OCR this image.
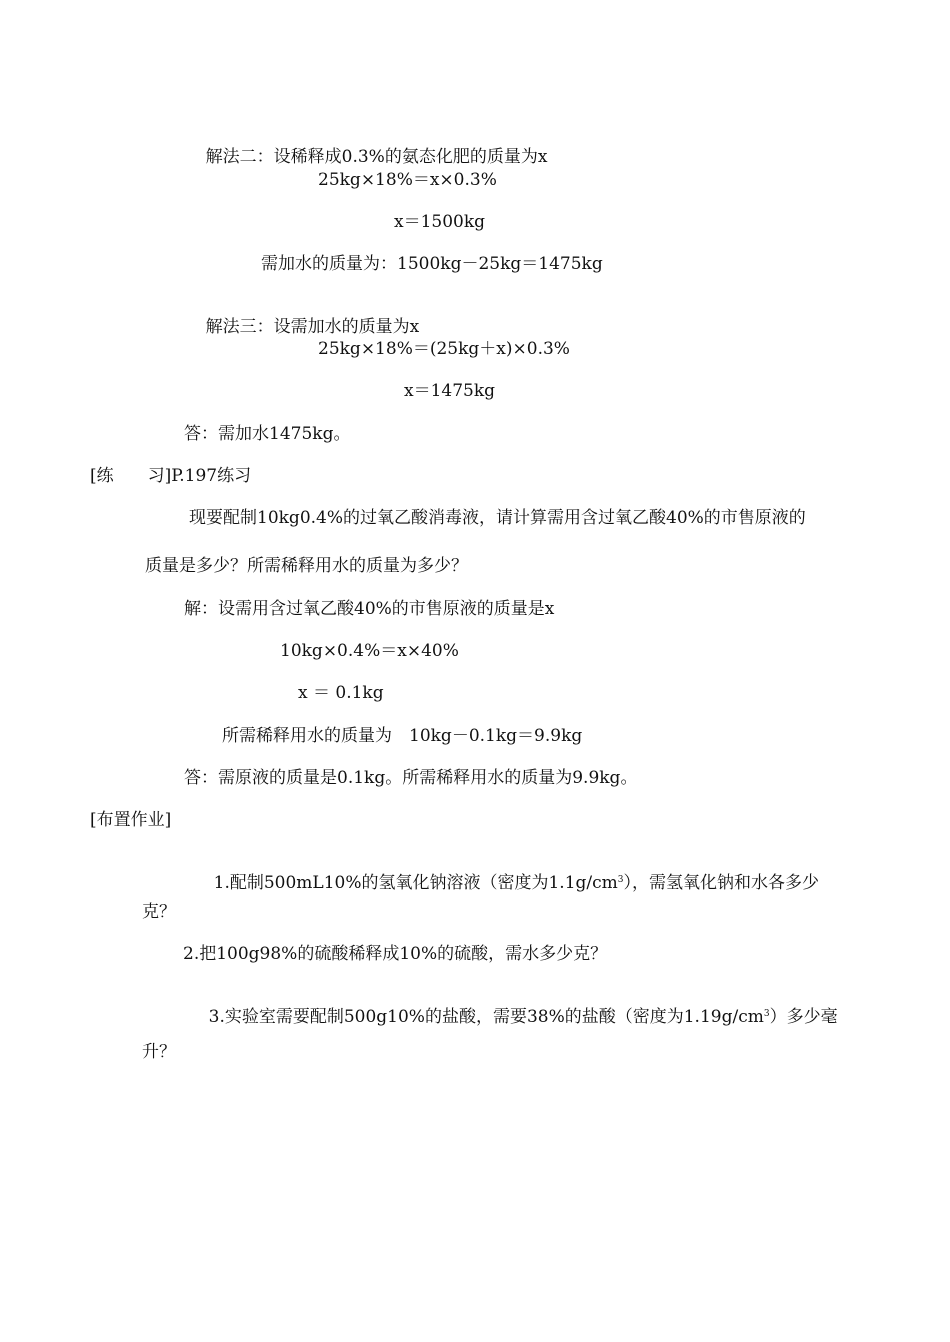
解法二：设稀释成0.3%的氨态化肥的质量为x

25kg×18%＝x×0.3%
x＝1500kg
需加水的质量为：1500kg－25kg＝1475kg

解法三：设需加水的质量为x

25kg×18%＝(25kg＋x)×0.3%
x＝1475kg
答：需加水1475kg。
[练　　习]P.197练习
现要配制10kg0.4%的过氧乙酸消毒液，请计算需用含过氧乙酸40%的市售原液的
质量是多少？所需稀释用水的质量为多少？
解：设需用含过氧乙酸40%的市售原液的质量是x
10kg×0.4%＝x×40%
x ＝ 0.1kg
所需稀释用水的质量为　10kg－0.1kg＝9.9kg
答：需原液的质量是0.1kg。所需稀释用水的质量为9.9kg。
[布置作业]

1.配制500mL10%的氢氧化钠溶液（密度为$1.1g/cm^3$），需氢氧化钠和水各多少

克？
2.把100g98%的硫酸稀释成10%的硫酸，需水多少克？

3.实验室需要配制500g10%的盐酸，需要38%的盐酸（密度为$1.19g/cm^3$）多少毫

升？
